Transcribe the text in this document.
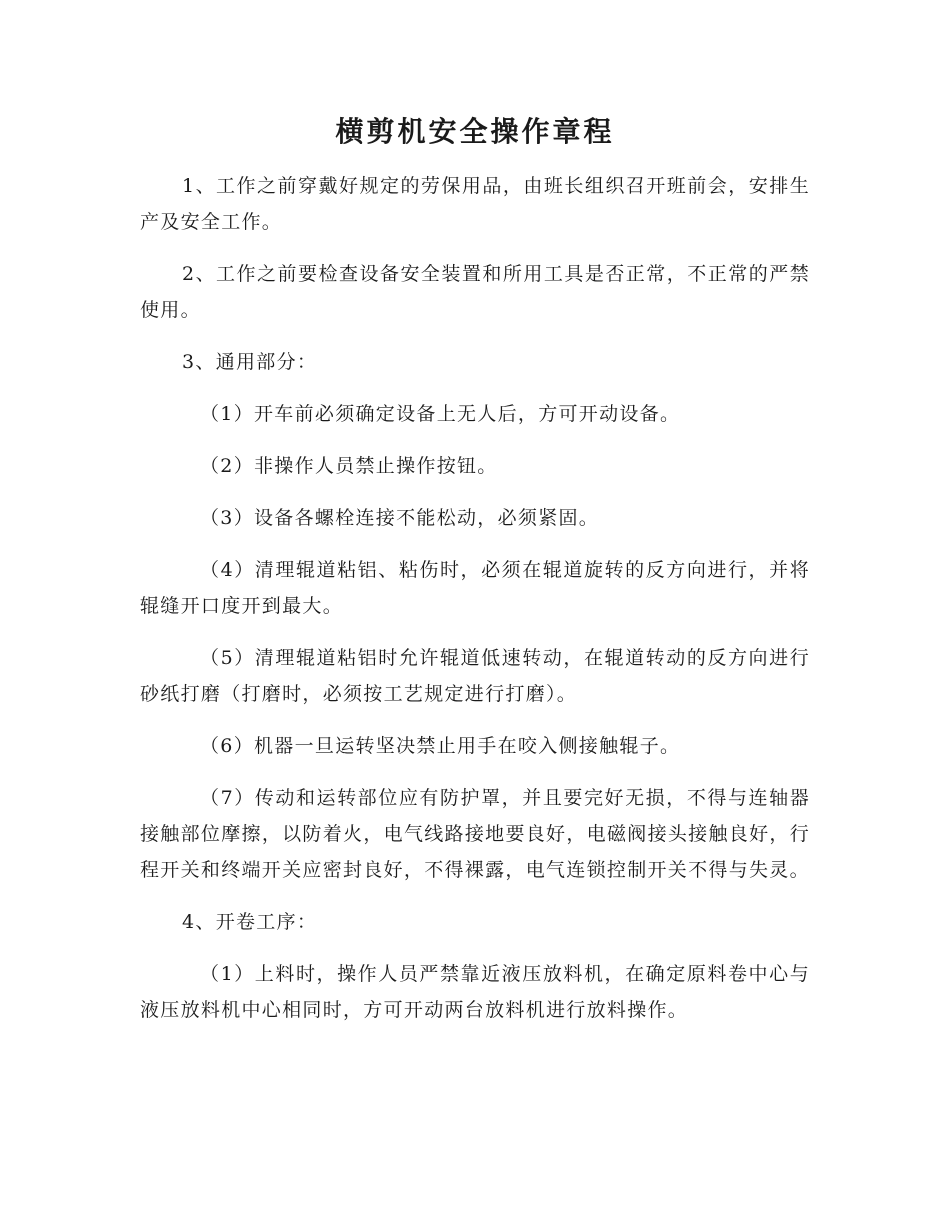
横剪机安全操作章程

1、工作之前穿戴好规定的劳保用品，由班长组织召开班前会，安排生产及安全工作。

2、工作之前要检查设备安全装置和所用工具是否正常，不正常的严禁使用。

3、通用部分：

（1）开车前必须确定设备上无人后，方可开动设备。

（2）非操作人员禁止操作按钮。

（3）设备各螺栓连接不能松动，必须紧固。

（4）清理辊道粘铝、粘伤时，必须在辊道旋转的反方向进行，并将辊缝开口度开到最大。

（5）清理辊道粘铝时允许辊道低速转动，在辊道转动的反方向进行砂纸打磨（打磨时，必须按工艺规定进行打磨）。

（6）机器一旦运转坚决禁止用手在咬入侧接触辊子。

（7）传动和运转部位应有防护罩，并且要完好无损，不得与连轴器接触部位摩擦，以防着火，电气线路接地要良好，电磁阀接头接触良好，行程开关和终端开关应密封良好，不得裸露，电气连锁控制开关不得与失灵。

4、开卷工序：

（1）上料时，操作人员严禁靠近液压放料机，在确定原料卷中心与液压放料机中心相同时，方可开动两台放料机进行放料操作。
